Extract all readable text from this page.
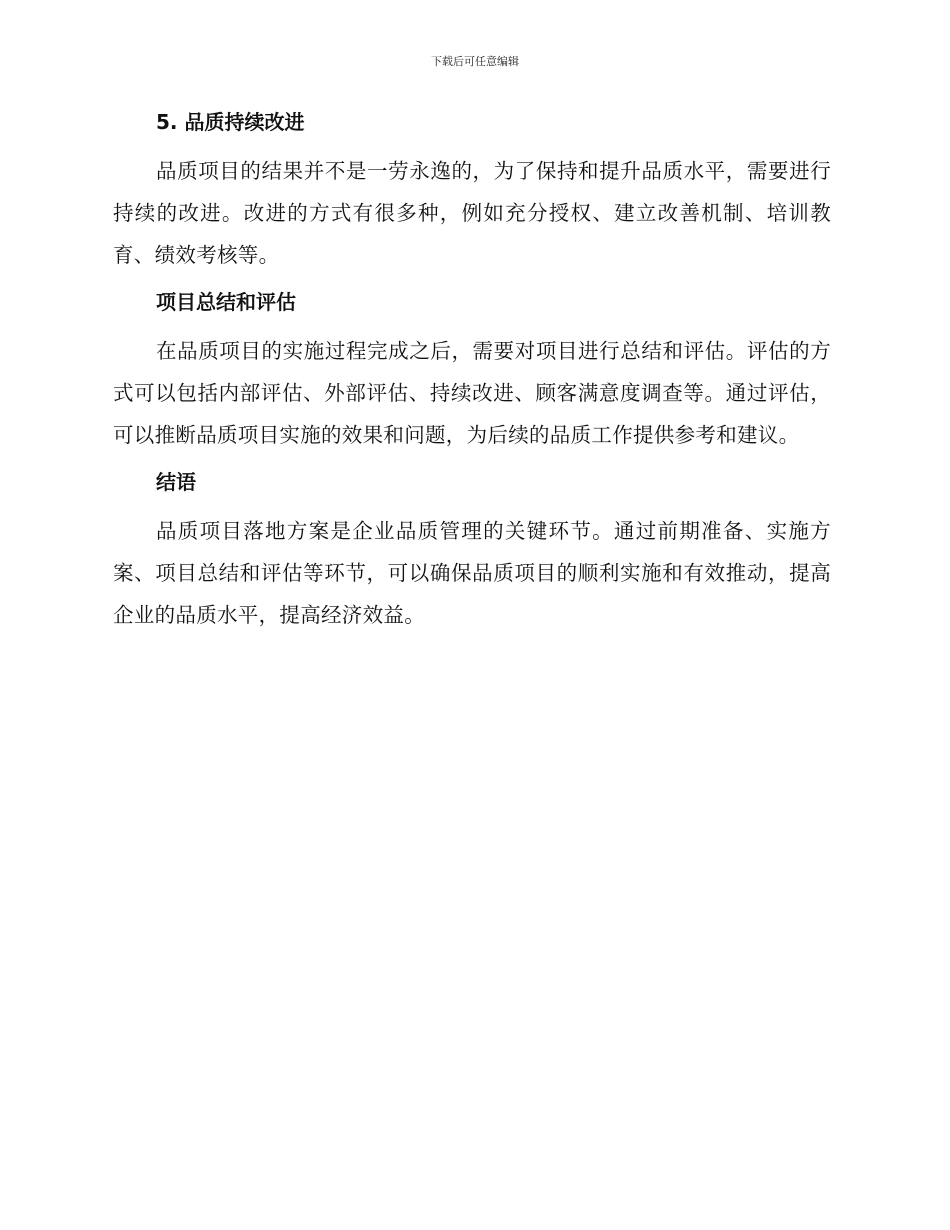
下载后可任意编辑
5. 品质持续改进

品质项目的结果并不是一劳永逸的，为了保持和提升品质水平，需要进行持续的改进。改进的方式有很多种，例如充分授权、建立改善机制、培训教育、绩效考核等。

项目总结和评估

在品质项目的实施过程完成之后，需要对项目进行总结和评估。评估的方式可以包括内部评估、外部评估、持续改进、顾客满意度调查等。通过评估，可以推断品质项目实施的效果和问题，为后续的品质工作提供参考和建议。

结语

品质项目落地方案是企业品质管理的关键环节。通过前期准备、实施方案、项目总结和评估等环节，可以确保品质项目的顺利实施和有效推动，提高企业的品质水平，提高经济效益。
